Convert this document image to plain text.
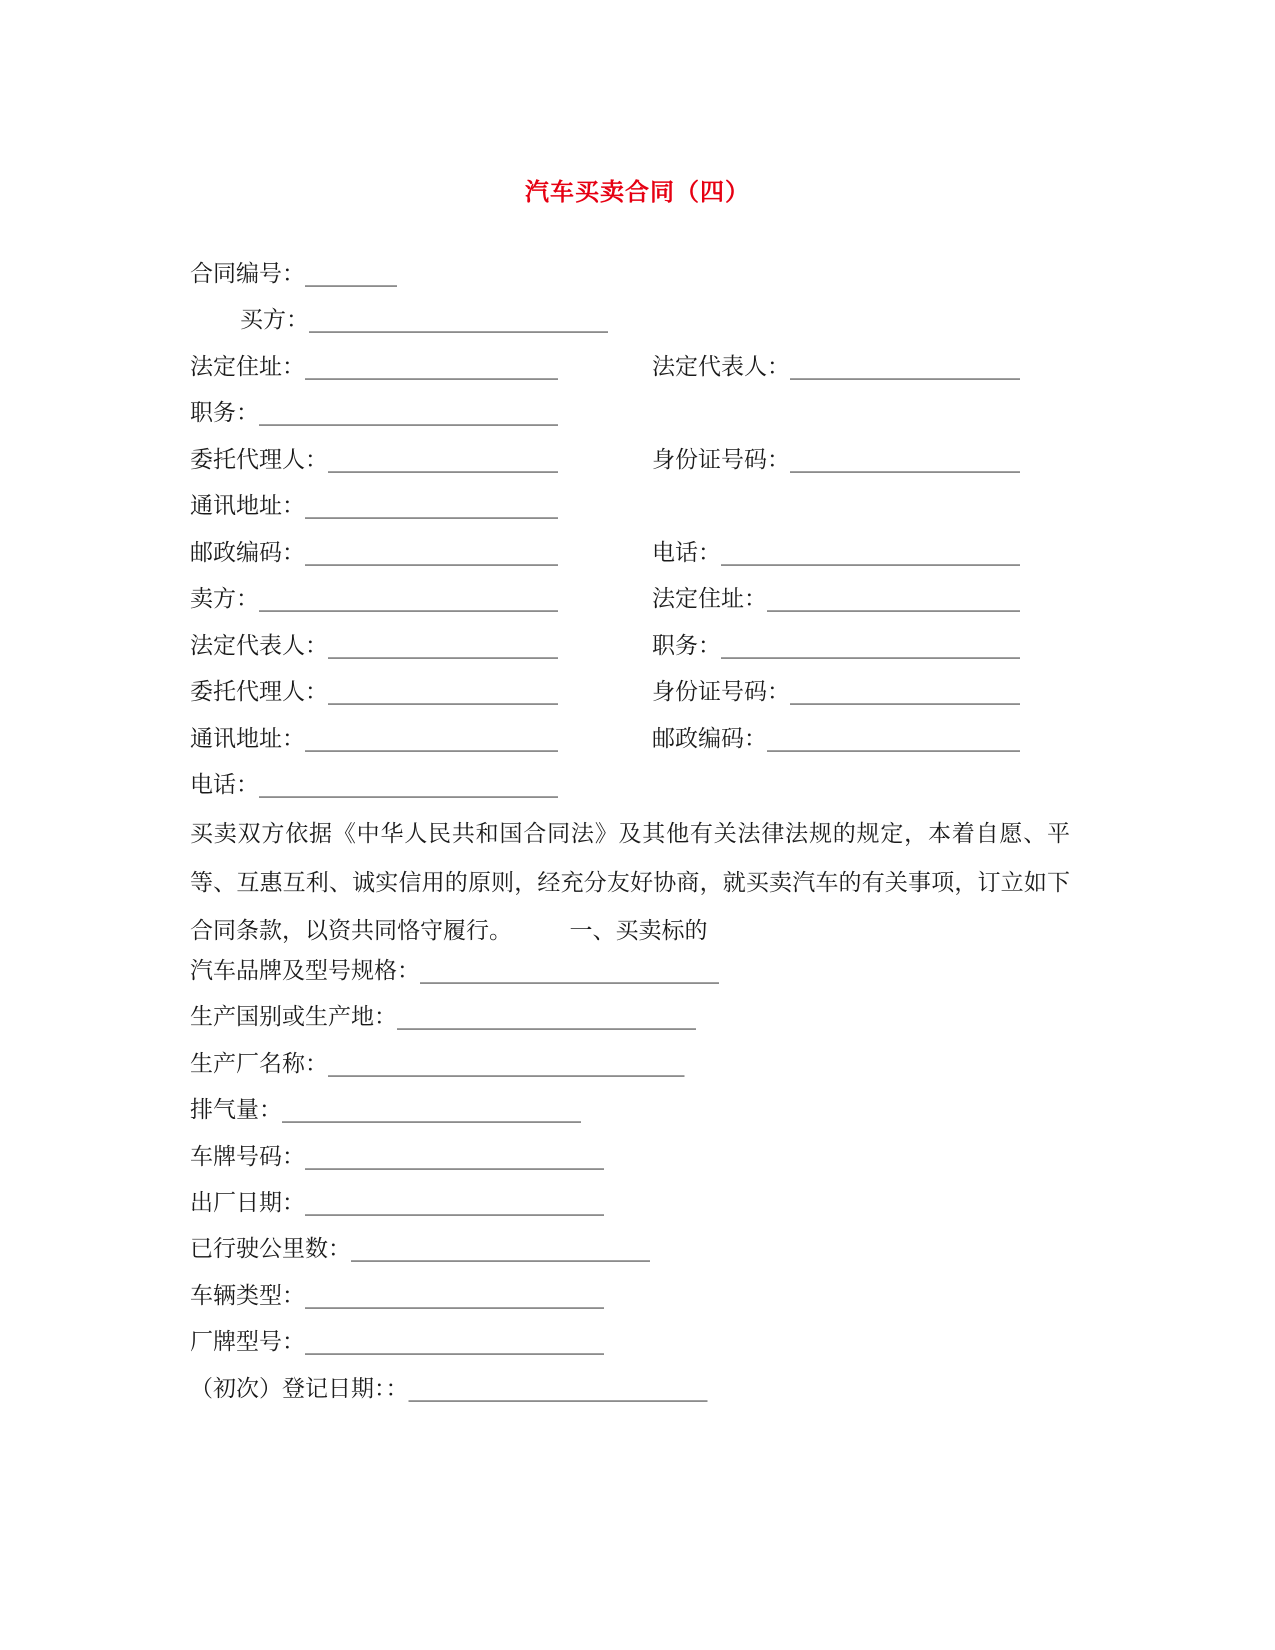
汽车买卖合同（四）
合同编号：________
买方：__________________________
法定住址：______________________	法定代表人：____________________
职务：__________________________
委托代理人：____________________	身份证号码：____________________
通讯地址：______________________
邮政编码：______________________	电话：__________________________
卖方：__________________________	法定住址：______________________
法定代表人：____________________	职务：__________________________
委托代理人：____________________	身份证号码：____________________
通讯地址：______________________	邮政编码：______________________
电话：__________________________
买卖双方依据《中华人民共和国合同法》及其他有关法律法规的规定，本着自愿、平等、互惠互利、诚实信用的原则，经充分友好协商，就买卖汽车的有关事项，订立如下合同条款，以资共同恪守履行。　　　一、买卖标的
汽车品牌及型号规格：__________________________
生产国别或生产地：__________________________
生产厂名称：_______________________________
排气量：__________________________
车牌号码：__________________________
出厂日期：__________________________
已行驶公里数：__________________________
车辆类型：__________________________
厂牌型号：__________________________
（初次）登记日期：：__________________________
